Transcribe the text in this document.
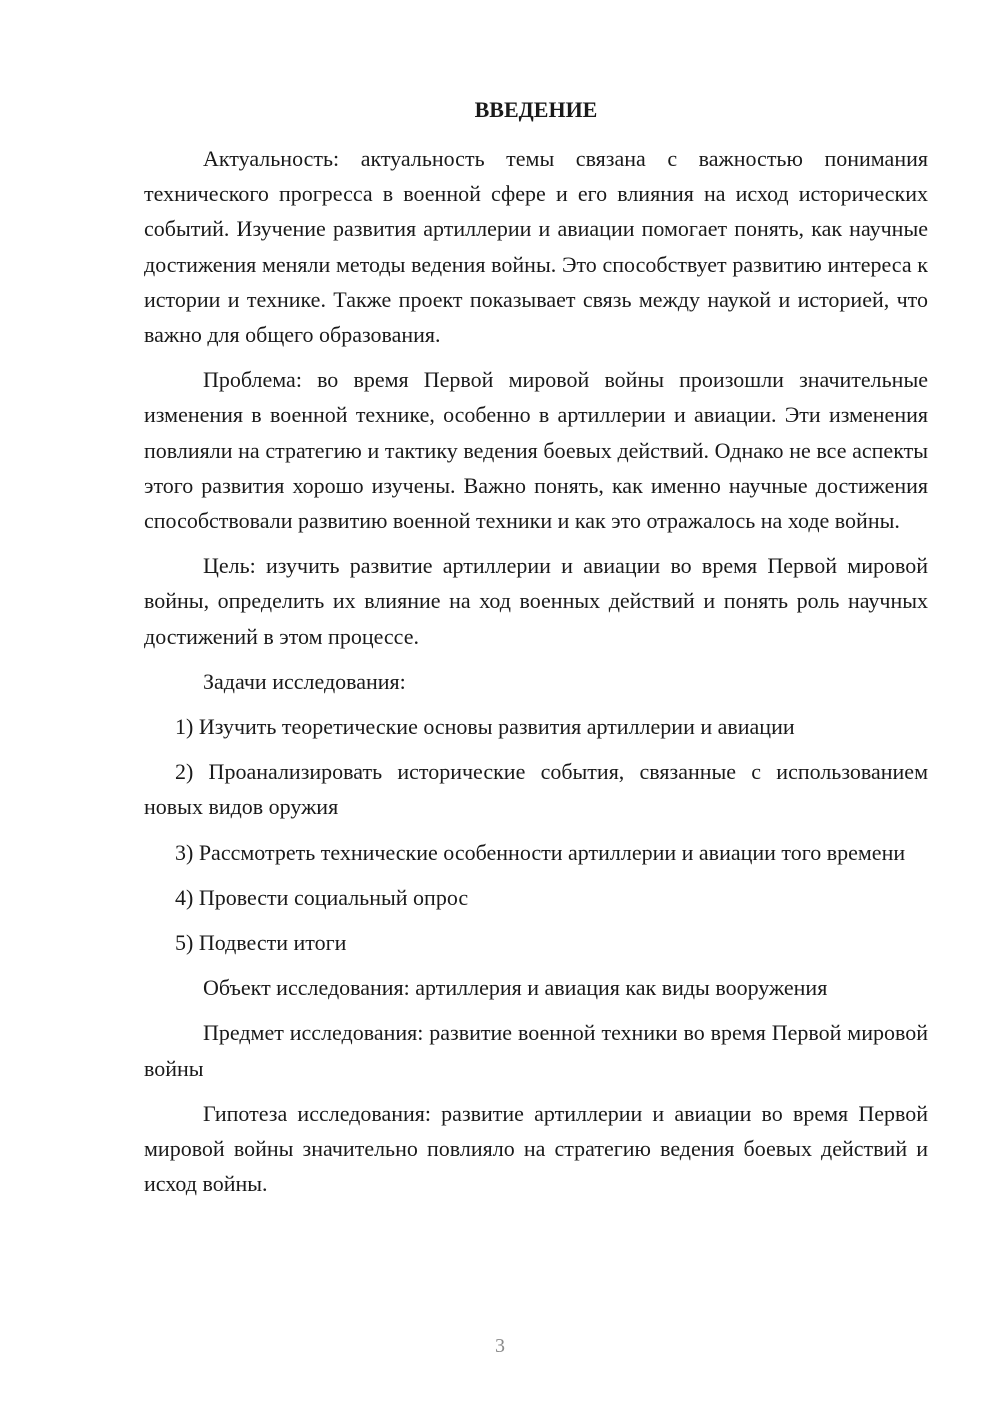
ВВЕДЕНИЕ

Актуальность: актуальность темы связана с важностью понимания технического прогресса в военной сфере и его влияния на исход исторических событий. Изучение развития артиллерии и авиации помогает понять, как научные достижения меняли методы ведения войны. Это способствует развитию интереса к истории и технике. Также проект показывает связь между наукой и историей, что важно для общего образования.

Проблема: во время Первой мировой войны произошли значительные изменения в военной технике, особенно в артиллерии и авиации. Эти изменения повлияли на стратегию и тактику ведения боевых действий. Однако не все аспекты этого развития хорошо изучены. Важно понять, как именно научные достижения способствовали развитию военной техники и как это отражалось на ходе войны.

Цель: изучить развитие артиллерии и авиации во время Первой мировой войны, определить их влияние на ход военных действий и понять роль научных достижений в этом процессе.

Задачи исследования:

1) Изучить теоретические основы развития артиллерии и авиации

2) Проанализировать исторические события, связанные с использованием новых видов оружия

3) Рассмотреть технические особенности артиллерии и авиации того времени

4) Провести социальный опрос

5) Подвести итоги

Объект исследования: артиллерия и авиация как виды вооружения

Предмет исследования: развитие военной техники во время Первой мировой войны

Гипотеза исследования: развитие артиллерии и авиации во время Первой мировой войны значительно повлияло на стратегию ведения боевых действий и исход войны.

3
